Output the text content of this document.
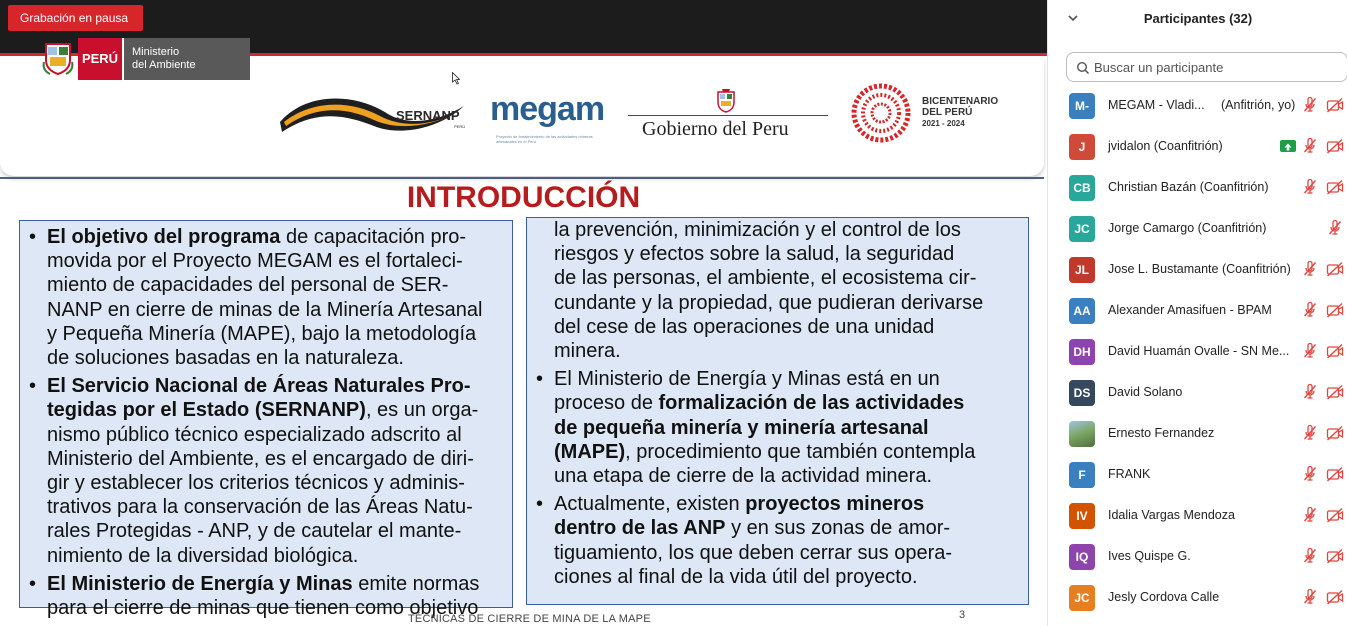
Grabación en pausa
PERÚ	Ministerio
del Ambiente
SERNANP
PERÚ megam
Proyecto de fortalecimiento de las actividades mineras artesanales en el Perú
Gobierno del Peru
BICENTENARIO
DEL PERÚ
2021 - 2024
INTRODUCCIÓN
• El objetivo del programa de capacitación pro-
movida por el Proyecto MEGAM es el fortaleci-
miento de capacidades del personal de SER-
NANP en cierre de minas de la Minería Artesanal
y Pequeña Minería (MAPE), bajo la metodología
de soluciones basadas en la naturaleza.
• El Servicio Nacional de Áreas Naturales Pro-
tegidas por el Estado (SERNANP), es un orga-
nismo público técnico especializado adscrito al
Ministerio del Ambiente, es el encargado de diri-
gir y establecer los criterios técnicos y adminis-
trativos para la conservación de las Áreas Natu-
rales Protegidas - ANP, y de cautelar el mante-
nimiento de la diversidad biológica.
• El Ministerio de Energía y Minas emite normas
para el cierre de minas que tienen como objetivo
la prevención, minimización y el control de los
riesgos y efectos sobre la salud, la seguridad
de las personas, el ambiente, el ecosistema cir-
cundante y la propiedad, que pudieran derivarse
del cese de las operaciones de una unidad
minera.
• El Ministerio de Energía y Minas está en un
proceso de formalización de las actividades
de pequeña minería y minería artesanal
(MAPE), procedimiento que también contempla
una etapa de cierre de la actividad minera.
• Actualmente, existen proyectos mineros
dentro de las ANP y en sus zonas de amor-
tiguamiento, los que deben cerrar sus opera-
ciones al final de la vida útil del proyecto.
TÉCNICAS DE CIERRE DE MINA DE LA MAPE	3
Participantes (32)
Buscar un participante
M-	MEGAM - Vladi... (Anfitrión, yo)
J	jvidalon (Coanfitrión)
CB	Christian Bazán (Coanfitrión)
JC	Jorge Camargo (Coanfitrión)
JL	Jose L. Bustamante (Coanfitrión)
AA	Alexander Amasifuen - BPAM
DH	David Huamán Ovalle - SN Me...
DS	David Solano
Ernesto Fernandez
F	FRANK
IV	Idalia Vargas Mendoza
IQ	Ives Quispe G.
JC	Jesly Cordova Calle
